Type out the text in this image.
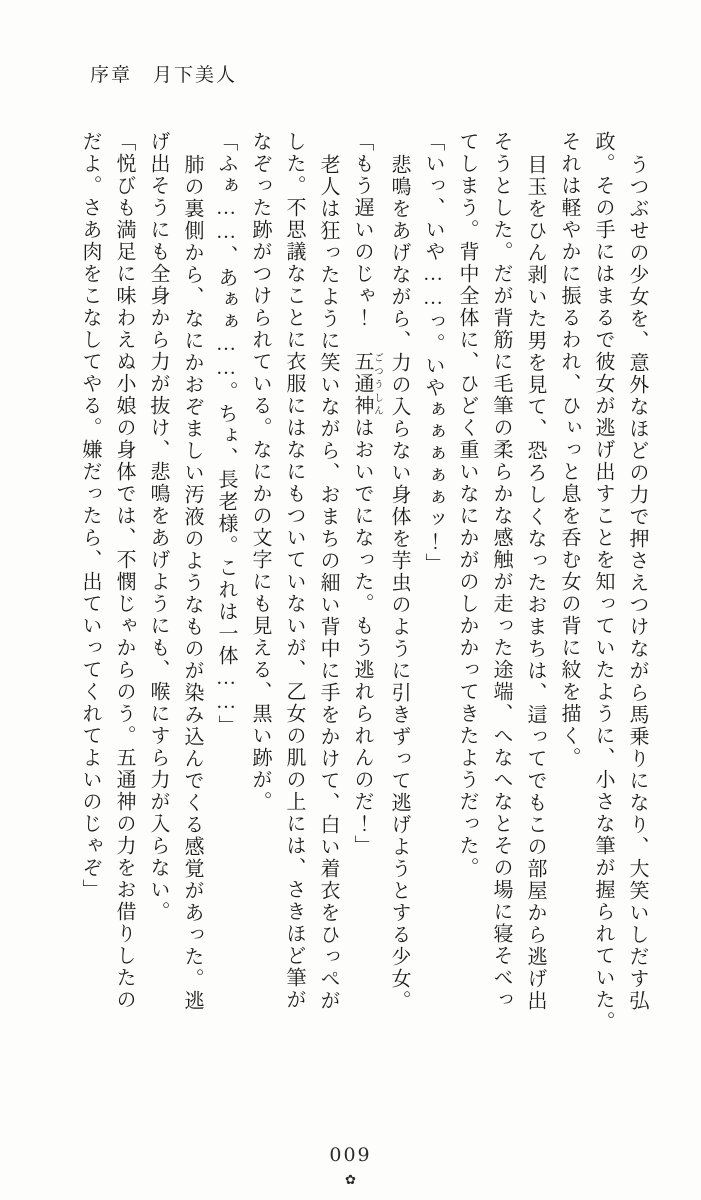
序章　月下美人

うつぶせの少女を、意外なほどの力で押さえつけながら馬乗りになり、大笑いしだす弘

政。その手にはまるで彼女が逃げ出すことを知っていたように、小さな筆が握られていた。

それは軽やかに振るわれ、ひぃっと息を呑む女の背に紋を描く。

目玉をひん剥いた男を見て、恐ろしくなったおまちは、這ってでもこの部屋から逃げ出

そうとした。だが背筋に毛筆の柔らかな感触が走った途端、へなへなとその場に寝そべっ

てしまう。背中全体に、ひどく重いなにかがのしかかってきたようだった。

「いっ、いや……っ。いやぁぁぁぁぁッ！」

悲鳴をあげながら、力の入らない身体を芋虫のように引きずって逃げようとする少女。

「もう遅いのじゃ！　五通神 ごつうしんはおいでになった。もう逃れられんのだ！」

老人は狂ったように笑いながら、おまちの細い背中に手をかけて、白い着衣をひっぺが

した。不思議なことに衣服にはなにもついていないが、乙女の肌の上には、さきほど筆が

なぞった跡がつけられている。なにかの文字にも見える、黒い跡が。

「ふぁ……、あぁぁ……。ちょ、長老様。これは一体……」

肺の裏側から、なにかおぞましい汚液のようなものが染み込んでくる感覚があった。逃

げ出そうにも全身から力が抜け、悲鳴をあげようにも、喉にすら力が入らない。

「悦びも満足に味わえぬ小娘の身体では、不憫じゃからのう。五通神の力をお借りしたの

だよ。さあ肉をこなしてやる。嫌だったら、出ていってくれてよいのじゃぞ」

009
✿
